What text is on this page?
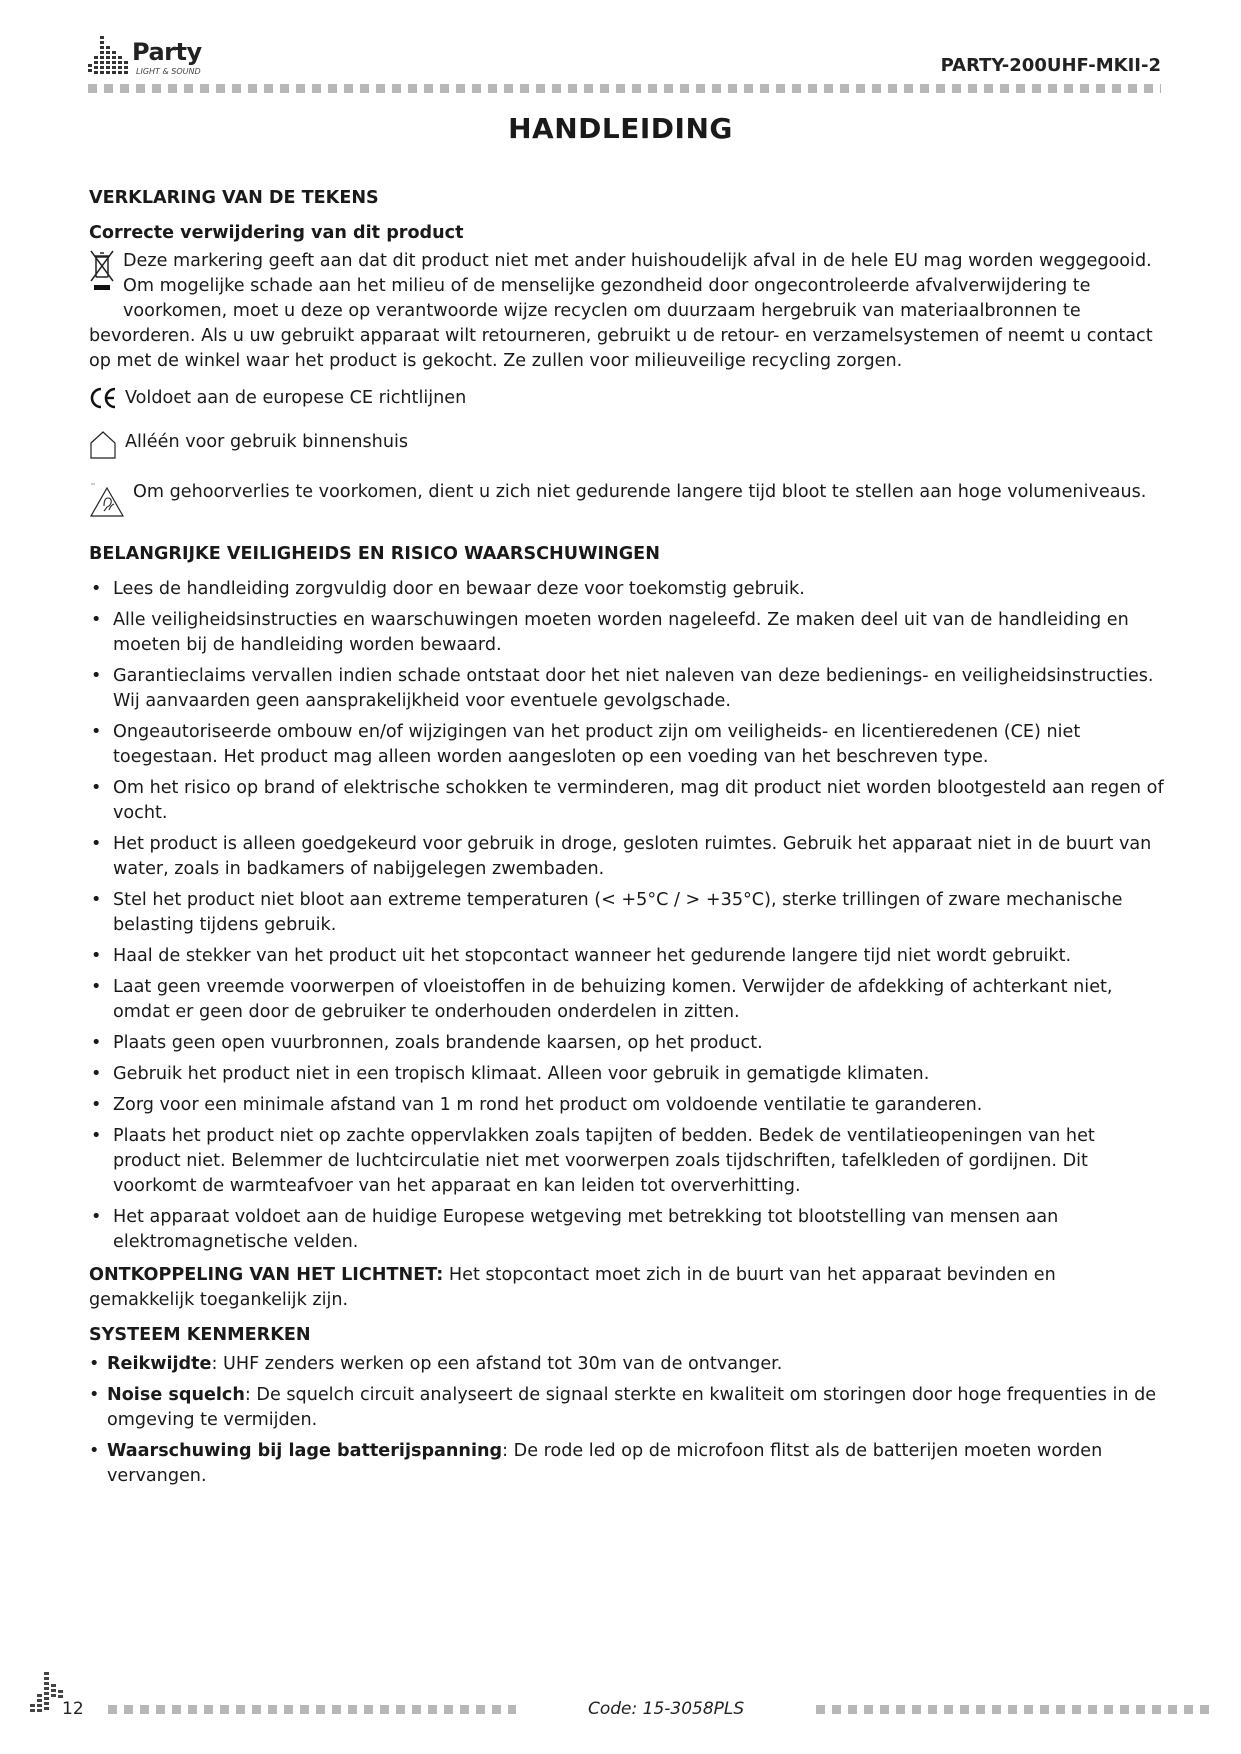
Party
LIGHT & SOUND	PARTY-200UHF-MKII-2
HANDLEIDING
VERKLARING VAN DE TEKENS
Correcte verwijdering van dit product

Deze markering geeft aan dat dit product niet met ander huishoudelijk afval in de hele EU mag worden weggegooid. Om mogelijke schade aan het milieu of de menselijke gezondheid door ongecontroleerde afvalverwijdering te voorkomen, moet u deze op verantwoorde wijze recyclen om duurzaam hergebruik van materiaalbronnen te bevorderen. Als u uw gebruikt apparaat wilt retourneren, gebruikt u de retour- en verzamelsystemen of neemt u contact op met de winkel waar het product is gekocht. Ze zullen voor milieuveilige recycling zorgen.

Voldoet aan de europese CE richtlijnen

Alléén voor gebruik binnenshuis

Om gehoorverlies te voorkomen, dient u zich niet gedurende langere tijd bloot te stellen aan hoge volumeniveaus.

BELANGRIJKE VEILIGHEIDS EN RISICO WAARSCHUWINGEN
• Lees de handleiding zorgvuldig door en bewaar deze voor toekomstig gebruik.
• Alle veiligheidsinstructies en waarschuwingen moeten worden nageleefd. Ze maken deel uit van de handleiding en moeten bij de handleiding worden bewaard.
• Garantieclaims vervallen indien schade ontstaat door het niet naleven van deze bedienings- en veiligheidsinstructies. Wij aanvaarden geen aansprakelijkheid voor eventuele gevolgschade.
• Ongeautoriseerde ombouw en/of wijzigingen van het product zijn om veiligheids- en licentieredenen (CE) niet toegestaan. Het product mag alleen worden aangesloten op een voeding van het beschreven type.
• Om het risico op brand of elektrische schokken te verminderen, mag dit product niet worden blootgesteld aan regen of vocht.
• Het product is alleen goedgekeurd voor gebruik in droge, gesloten ruimtes. Gebruik het apparaat niet in de buurt van water, zoals in badkamers of nabijgelegen zwembaden.
• Stel het product niet bloot aan extreme temperaturen (< +5°C / > +35°C), sterke trillingen of zware mechanische belasting tijdens gebruik.
• Haal de stekker van het product uit het stopcontact wanneer het gedurende langere tijd niet wordt gebruikt.
• Laat geen vreemde voorwerpen of vloeistoffen in de behuizing komen. Verwijder de afdekking of achterkant niet, omdat er geen door de gebruiker te onderhouden onderdelen in zitten.
• Plaats geen open vuurbronnen, zoals brandende kaarsen, op het product.
• Gebruik het product niet in een tropisch klimaat. Alleen voor gebruik in gematigde klimaten.
• Zorg voor een minimale afstand van 1 m rond het product om voldoende ventilatie te garanderen.
• Plaats het product niet op zachte oppervlakken zoals tapijten of bedden. Bedek de ventilatieopeningen van het product niet. Belemmer de luchtcirculatie niet met voorwerpen zoals tijdschriften, tafelkleden of gordijnen. Dit voorkomt de warmteafvoer van het apparaat en kan leiden tot oververhitting.
• Het apparaat voldoet aan de huidige Europese wetgeving met betrekking tot blootstelling van mensen aan elektromagnetische velden.

ONTKOPPELING VAN HET LICHTNET: Het stopcontact moet zich in de buurt van het apparaat bevinden en gemakkelijk toegankelijk zijn.

SYSTEEM KENMERKEN
• Reikwijdte: UHF zenders werken op een afstand tot 30m van de ontvanger.
• Noise squelch: De squelch circuit analyseert de signaal sterkte en kwaliteit om storingen door hoge frequenties in de omgeving te vermijden.
• Waarschuwing bij lage batterijspanning: De rode led op de microfoon flitst als de batterijen moeten worden vervangen.
12	Code: 15-3058PLS
